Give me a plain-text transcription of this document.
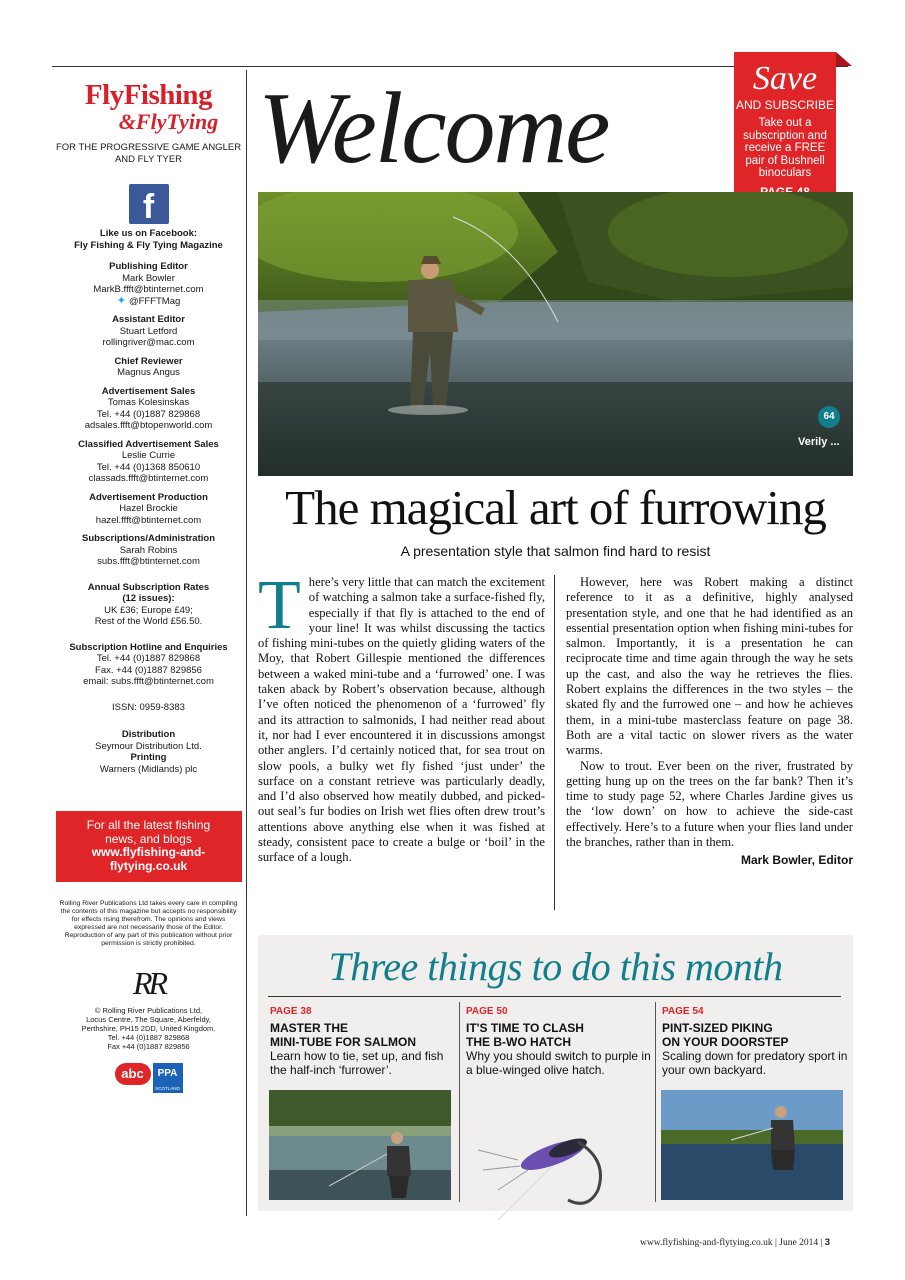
FlyFishing
&FlyTying
FOR THE PROGRESSIVE GAME ANGLER AND FLY TYER
f
Like us on Facebook:
Fly Fishing & Fly Tying Magazine
Publishing Editor
Mark Bowler
MarkB.ffft@btinternet.com
✦ @FFFTMag
Assistant Editor
Stuart Letford
rollingriver@mac.com
Chief Reviewer
Magnus Angus
Advertisement Sales
Tomas Kolesinskas
Tel. +44 (0)1887 829868
adsales.ffft@btopenworld.com
Classified Advertisement Sales
Leslie Currie
Tel. +44 (0)1368 850610
classads.ffft@btinternet.com
Advertisement Production
Hazel Brockie
hazel.ffft@btinternet.com
Subscriptions/Administration
Sarah Robins
subs.ffft@btinternet.com
Annual Subscription Rates
(12 issues):
UK £36; Europe £49;
Rest of the World £56.50.
Subscription Hotline and Enquiries
Tel. +44 (0)1887 829868
Fax. +44 (0)1887 829856
email: subs.ffft@btinternet.com
ISSN: 0959-8383
Distribution
Seymour Distribution Ltd.
Printing
Warners (Midlands) plc
For all the latest fishing
news, and blogs
www.flyfishing-and-
flytying.co.uk
Rolling River Publications Ltd takes every care in compiling the contents of this magazine but accepts no responsibility for effects rising therefrom. The opinions and views expressed are not necessarily those of the Editor. Reproduction of any part of this publication without prior permission is strictly prohibited.
RR
© Rolling River Publications Ltd,
Locus Centre, The Square, Aberfeldy,
Perthshire, PH15 2DD, United Kingdom.
Tel. +44 (0)1887 829868
Fax +44 (0)1887 829856
abc	PPA
SCOTLAND
Welcome	Save
AND SUBSCRIBE
Take out a subscription and receive a FREE pair of Bushnell binoculars
64
Verily ...
The magical art of furrowing
A presentation style that salmon find hard to resist

There’s very little that can match the excitement of watching a salmon take a surface-fished fly, especially if that fly is attached to the end of your line! It was whilst discussing the tactics of fishing mini-tubes on the quietly gliding waters of the Moy, that Robert Gillespie mentioned the differences between a waked mini-tube and a ‘furrowed’ one. I was taken aback by Robert’s observation because, although I’ve often noticed the phenomenon of a ‘furrowed’ fly and its attraction to salmonids, I had neither read about it, nor had I ever encountered it in discussions amongst other anglers. I’d certainly noticed that, for sea trout on slow pools, a bulky wet fly fished ‘just under’ the surface on a constant retrieve was particularly deadly, and I’d also observed how meatily dubbed, and picked-out seal’s fur bodies on Irish wet flies often drew trout’s attentions above anything else when it was fished at steady, consistent pace to create a bulge or ‘boil’ in the surface of a lough.

However, here was Robert making a distinct reference to it as a definitive, highly analysed presentation style, and one that he had identified as an essential presentation option when fishing mini-tubes for salmon. Importantly, it is a presentation he can reciprocate time and time again through the way he sets up the cast, and also the way he retrieves the flies. Robert explains the differences in the two styles – the skated fly and the furrowed one – and how he achieves them, in a mini-tube masterclass feature on page 38. Both are a vital tactic on slower rivers as the water warms.

Now to trout. Ever been on the river, frustrated by getting hung up on the trees on the far bank? Then it’s time to study page 52, where Charles Jardine gives us the ‘low down’ on how to achieve the side-cast effectively. Here’s to a future when your flies land under the branches, rather than in them.

Mark Bowler, Editor
Three things to do this month
PAGE 38
MASTER THE
MINI-TUBE FOR SALMON
Learn how to tie, set up, and fish the half-inch ‘furrower’.
PAGE 50
IT'S TIME TO CLASH
THE B-WO HATCH
Why you should switch to purple in a blue-winged olive hatch.
PAGE 54
PINT-SIZED PIKING
ON YOUR DOORSTEP
Scaling down for predatory sport in your own backyard.
www.flyfishing-and-flytying.co.uk | June 2014 | 3
